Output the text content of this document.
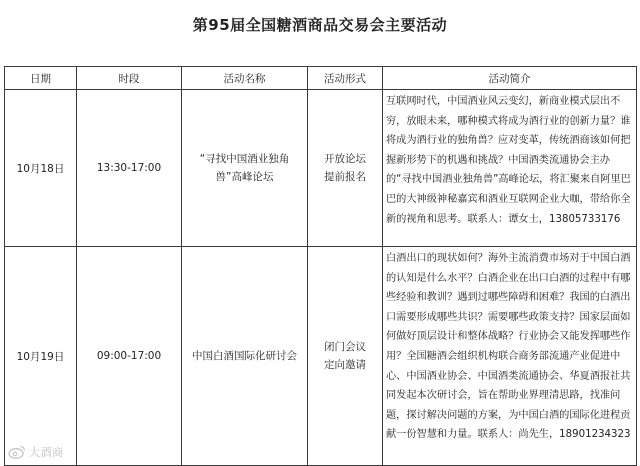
第95届全国糖酒商品交易会主要活动
日期	时段	活动名称	活动形式	活动简介
10月18日	13:30-17:00	“寻找中国酒业独角兽”高峰论坛	开放论坛 提前报名	互联网时代，中国酒业风云变幻，新商业模式层出不穷，放眼未来，哪种模式将成为酒行业的创新力量？谁将成为酒行业的独角兽？应对变革，传统酒商该如何把握新形势下的机遇和挑战？中国酒类流通协会主办的“寻找中国酒业独角兽”高峰论坛，将汇聚来自阿里巴巴的大神级神秘嘉宾和酒业互联网企业大咖，带给你全新的视角和思考。联系人：谭女士，13805733176
10月19日	09:00-17:00	中国白酒国际化研讨会	闭门会议 定向邀请	白酒出口的现状如何？海外主流消费市场对于中国白酒的认知是什么水平？白酒企业在出口白酒的过程中有哪些经验和教训？遇到过哪些障碍和困难？我国的白酒出口需要形成哪些共识？需要哪些政策支持？国家层面如何做好顶层设计和整体战略？行业协会又能发挥哪些作用？全国糖酒会组织机构联合商务部流通产业促进中心、中国酒业协会、中国酒类流通协会、华夏酒报社共同发起本次研讨会，旨在帮助业界理清思路，找准问题，探讨解决问题的方案，为中国白酒的国际化进程贡献一份智慧和力量。联系人：尚先生，18901234323
大酒商
